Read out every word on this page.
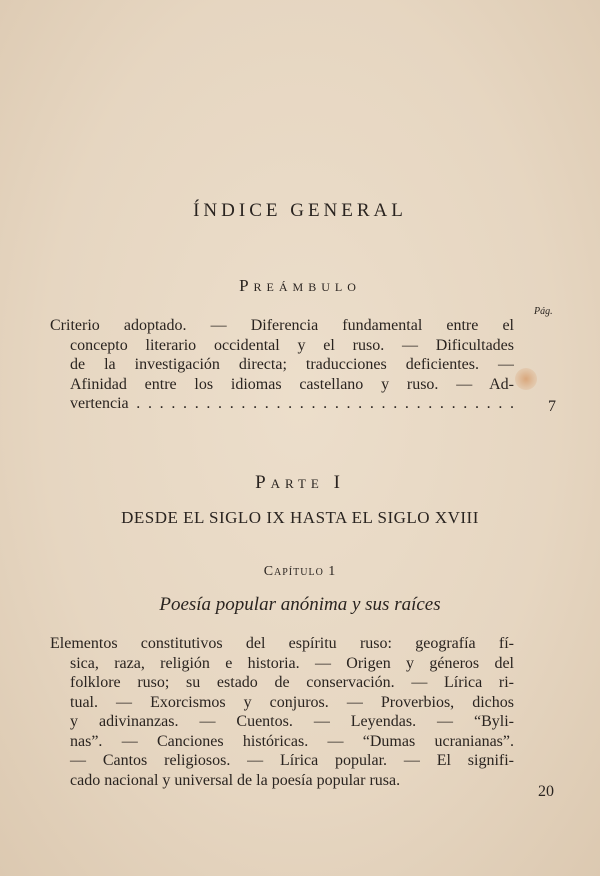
ÍNDICE GENERAL
Preámbulo
Pág.
Criterio adoptado. — Diferencia fundamental entre el
concepto literario occidental y el ruso. — Dificultades
de la investigación directa; traducciones deficientes. —
Afinidad entre los idiomas castellano y ruso. — Ad-
vertencia . . . . . . . . . . . . . . . . . . . . . . . . . . . . . . . . . 7
Parte I
DESDE EL SIGLO IX HASTA EL SIGLO XVIII
Capítulo 1
Poesía popular anónima y sus raíces
Elementos constitutivos del espíritu ruso: geografía fí-
sica, raza, religión e historia. — Origen y géneros del
folklore ruso; su estado de conservación. — Lírica ri-
tual. — Exorcismos y conjuros. — Proverbios, dichos
y adivinanzas. — Cuentos. — Leyendas. — “Byli-
nas”. — Canciones históricas. — “Dumas ucranianas”.
— Cantos religiosos. — Lírica popular. — El signifi-
cado nacional y universal de la poesía popular rusa.
20
